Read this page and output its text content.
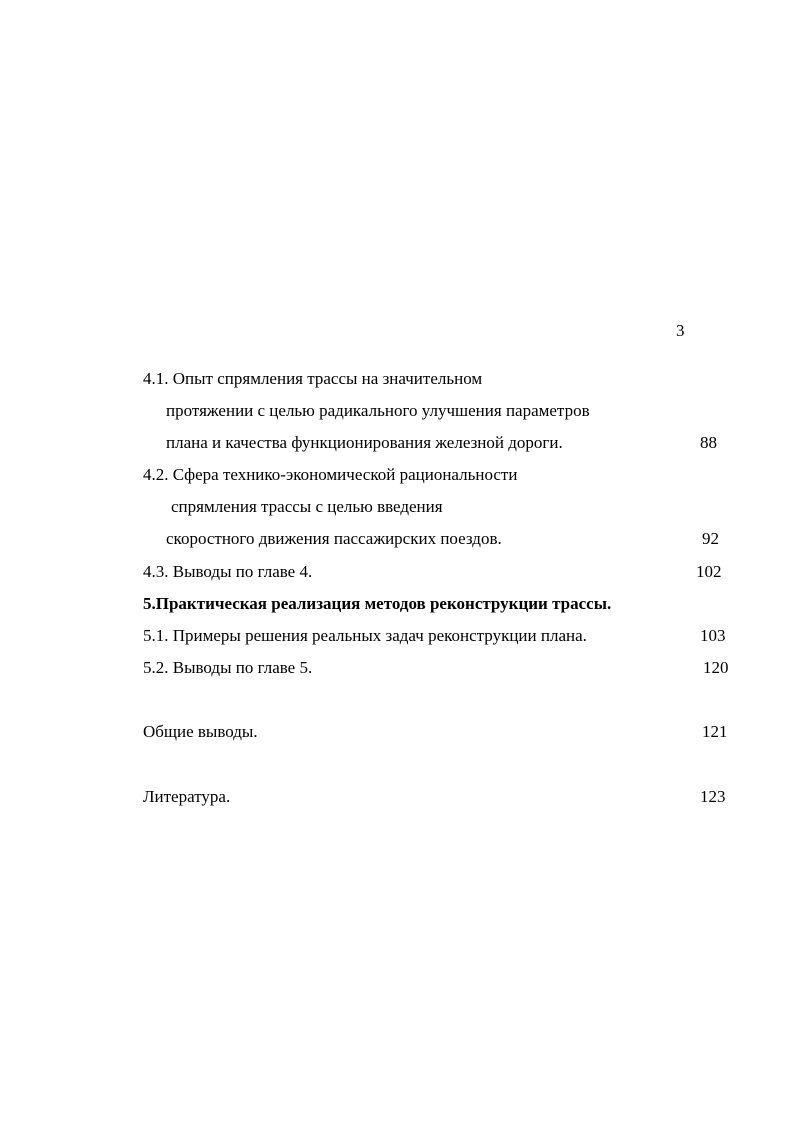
3
4.1. Опыт спрямления трассы на значительном
протяжении с целью радикального улучшения параметров
плана и качества функционирования железной дороги.	88
4.2. Сфера технико-экономической рациональности
спрямления трассы с целью введения
скоростного движения пассажирских поездов.	92
4.3. Выводы по главе 4.	102
5.Практическая реализация методов реконструкции трассы.
5.1. Примеры решения реальных задач реконструкции плана.	103
5.2. Выводы по главе 5.	120
Общие выводы.	121
Литература.	123
